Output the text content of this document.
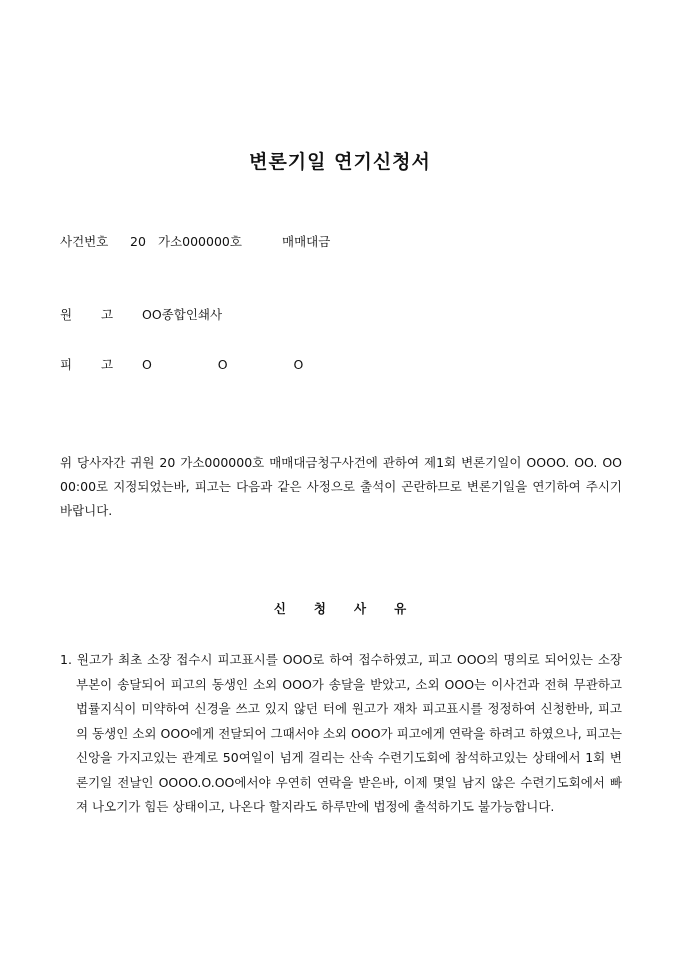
변론기일 연기신청서
사건번호 20 가소000000호	매매대금
원 고 OO종합인쇄사
피 고 O   O   O
위 당사자간 귀원 20 가소000000호 매매대금청구사건에 관하여 제1회 변론기일이 OOOO. OO. OO 00:00로 지정되었는바, 피고는 다음과 같은 사정으로 출석이 곤란하므로 변론기일을 연기하여 주시기 바랍니다.
신 청 사 유
1. 원고가 최초 소장 접수시 피고표시를 OOO로 하여 접수하였고, 피고 OOO의 명의로 되어있는 소장 부본이 송달되어 피고의 동생인 소외 OOO가 송달을 받았고, 소외 OOO는 이사건과 전혀 무관하고 법률지식이 미약하여 신경을 쓰고 있지 않던 터에 원고가 재차 피고표시를 정정하여 신청한바, 피고의 동생인 소외 OOO에게 전달되어 그때서야 소외 OOO가 피고에게 연락을 하려고 하였으나, 피고는 신앙을 가지고있는 관계로 50여일이 넘게 걸리는 산속 수련기도회에 참석하고있는 상태에서 1회 변론기일 전날인 OOOO.O.OO에서야 우연히 연락을 받은바, 이제 몇일 남지 않은 수련기도회에서 빠져 나오기가 힘든 상태이고, 나온다 할지라도 하루만에 법정에 출석하기도 불가능합니다.
